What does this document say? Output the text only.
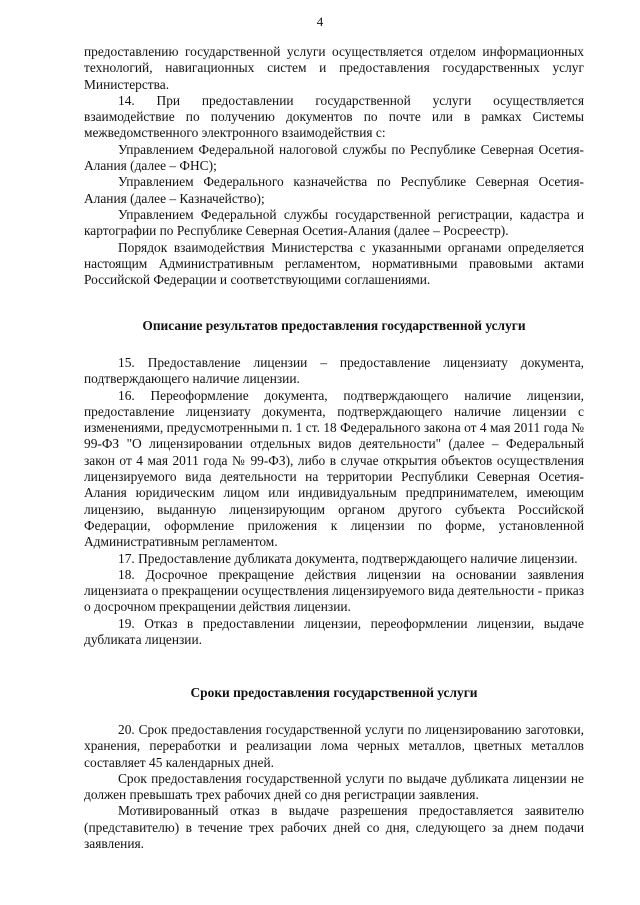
4

предоставлению государственной услуги осуществляется отделом информационных технологий, навигационных систем и предоставления государственных услуг Министерства.

14. При предоставлении государственной услуги осуществляется взаимодействие по получению документов по почте или в рамках Системы межведомственного электронного взаимодействия с:

Управлением Федеральной налоговой службы по Республике Северная Осетия-Алания (далее – ФНС);

Управлением Федерального казначейства по Республике Северная Осетия-Алания (далее – Казначейство);

Управлением Федеральной службы государственной регистрации, кадастра и картографии по Республике Северная Осетия-Алания (далее – Росреестр).

Порядок взаимодействия Министерства с указанными органами определяется настоящим Административным регламентом, нормативными правовыми актами Российской Федерации и соответствующими соглашениями.

Описание результатов предоставления государственной услуги

15. Предоставление лицензии – предоставление лицензиату документа, подтверждающего наличие лицензии.

16. Переоформление документа, подтверждающего наличие лицензии, предоставление лицензиату документа, подтверждающего наличие лицензии с изменениями, предусмотренными п. 1 ст. 18 Федерального закона от 4 мая 2011 года № 99-ФЗ "О лицензировании отдельных видов деятельности" (далее – Федеральный закон от 4 мая 2011 года № 99-ФЗ), либо в случае открытия объектов осуществления лицензируемого вида деятельности на территории Республики Северная Осетия-Алания юридическим лицом или индивидуальным предпринимателем, имеющим лицензию, выданную лицензирующим органом другого субъекта Российской Федерации, оформление приложения к лицензии по форме, установленной Административным регламентом.

17. Предоставление дубликата документа, подтверждающего наличие лицензии.

18. Досрочное прекращение действия лицензии на основании заявления лицензиата о прекращении осуществления лицензируемого вида деятельности - приказ о досрочном прекращении действия лицензии.

19. Отказ в предоставлении лицензии, переоформлении лицензии, выдаче дубликата лицензии.

Сроки предоставления государственной услуги

20. Срок предоставления государственной услуги по лицензированию заготовки, хранения, переработки и реализации лома черных металлов, цветных металлов составляет 45 календарных дней.

Срок предоставления государственной услуги по выдаче дубликата лицензии не должен превышать трех рабочих дней со дня регистрации заявления.

Мотивированный отказ в выдаче разрешения предоставляется заявителю (представителю) в течение трех рабочих дней со дня, следующего за днем подачи заявления.
